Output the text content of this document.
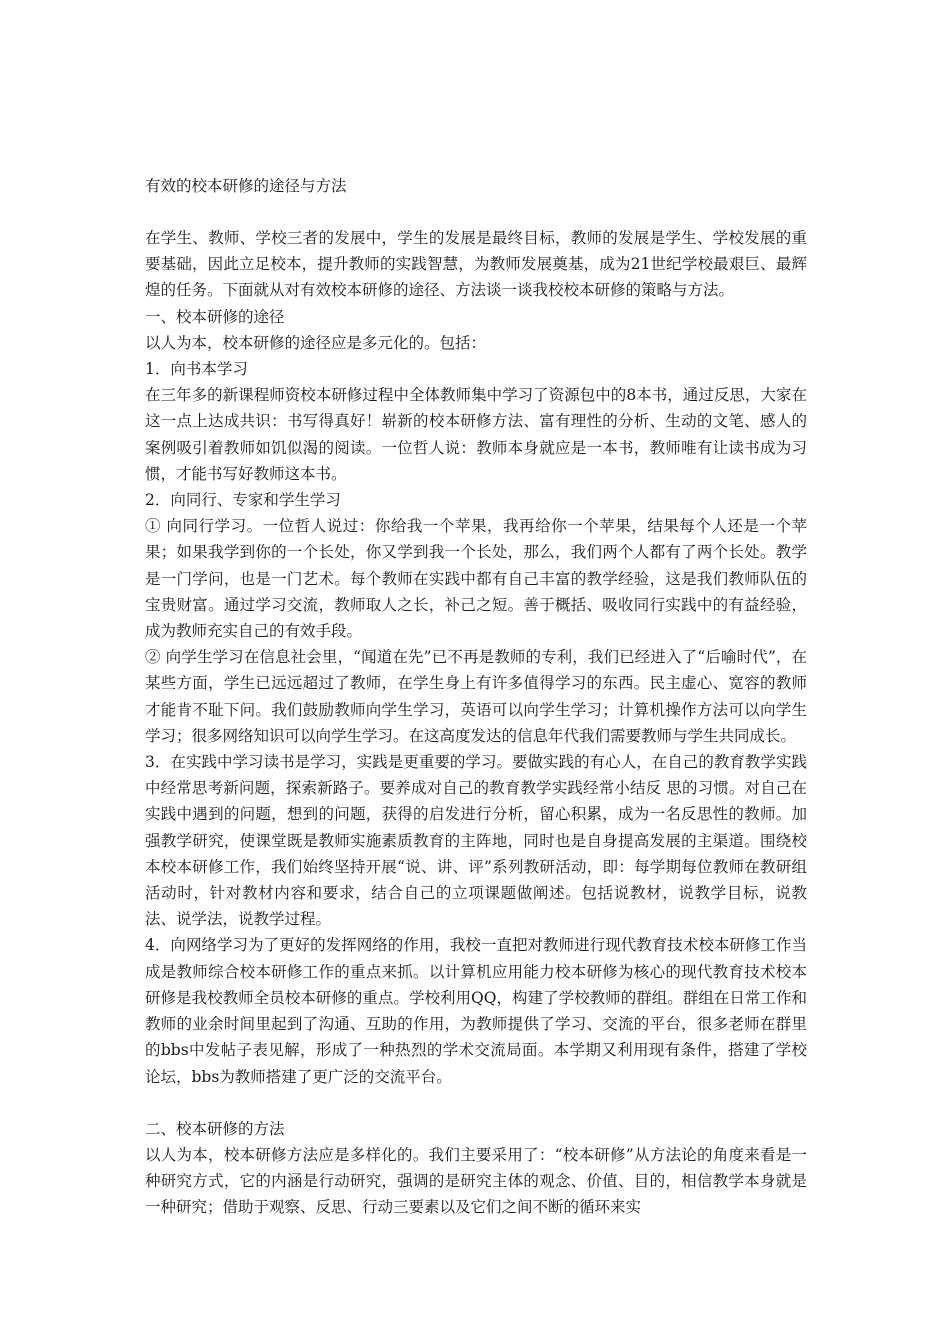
有效的校本研修的途径与方法

在学生、教师、学校三者的发展中，学生的发展是最终目标，教师的发展是学生、学校发展的重要基础，因此立足校本，提升教师的实践智慧，为教师发展奠基，成为21世纪学校最艰巨、最辉煌的任务。下面就从对有效校本研修的途径、方法谈一谈我校校本研修的策略与方法。

一、校本研修的途径

以人为本，校本研修的途径应是多元化的。包括：

1．向书本学习

在三年多的新课程师资校本研修过程中全体教师集中学习了资源包中的8本书，通过反思，大家在这一点上达成共识：书写得真好！崭新的校本研修方法、富有理性的分析、生动的文笔、感人的案例吸引着教师如饥似渴的阅读。一位哲人说：教师本身就应是一本书，教师唯有让读书成为习惯，才能书写好教师这本书。

2．向同行、专家和学生学习

① 向同行学习。一位哲人说过：你给我一个苹果，我再给你一个苹果，结果每个人还是一个苹果；如果我学到你的一个长处，你又学到我一个长处，那么，我们两个人都有了两个长处。教学是一门学问，也是一门艺术。每个教师在实践中都有自己丰富的教学经验，这是我们教师队伍的宝贵财富。通过学习交流，教师取人之长，补己之短。善于概括、吸收同行实践中的有益经验，成为教师充实自己的有效手段。

② 向学生学习在信息社会里，“闻道在先”已不再是教师的专利，我们已经进入了“后喻时代”，在某些方面，学生已远远超过了教师，在学生身上有许多值得学习的东西。民主虚心、宽容的教师才能肯不耻下问。我们鼓励教师向学生学习，英语可以向学生学习；计算机操作方法可以向学生学习；很多网络知识可以向学生学习。在这高度发达的信息年代我们需要教师与学生共同成长。

3．在实践中学习读书是学习，实践是更重要的学习。要做实践的有心人，在自己的教育教学实践中经常思考新问题，探索新路子。要养成对自己的教育教学实践经常小结反 思的习惯。对自己在实践中遇到的问题，想到的问题，获得的启发进行分析，留心积累，成为一名反思性的教师。加强教学研究，使课堂既是教师实施素质教育的主阵地，同时也是自身提高发展的主渠道。围绕校本校本研修工作，我们始终坚持开展“说、讲、评”系列教研活动，即：每学期每位教师在教研组活动时，针对教材内容和要求，结合自己的立项课题做阐述。包括说教材，说教学目标，说教法、说学法，说教学过程。

4．向网络学习为了更好的发挥网络的作用，我校一直把对教师进行现代教育技术校本研修工作当成是教师综合校本研修工作的重点来抓。以计算机应用能力校本研修为核心的现代教育技术校本研修是我校教师全员校本研修的重点。学校利用QQ，构建了学校教师的群组。群组在日常工作和教师的业余时间里起到了沟通、互助的作用，为教师提供了学习、交流的平台，很多老师在群里的bbs中发帖子表见解，形成了一种热烈的学术交流局面。本学期又利用现有条件，搭建了学校论坛，bbs为教师搭建了更广泛的交流平台。

二、校本研修的方法

以人为本，校本研修方法应是多样化的。我们主要采用了：“校本研修”从方法论的角度来看是一种研究方式，它的内涵是行动研究，强调的是研究主体的观念、价值、目的，相信教学本身就是一种研究；借助于观察、反思、行动三要素以及它们之间不断的循环来实
